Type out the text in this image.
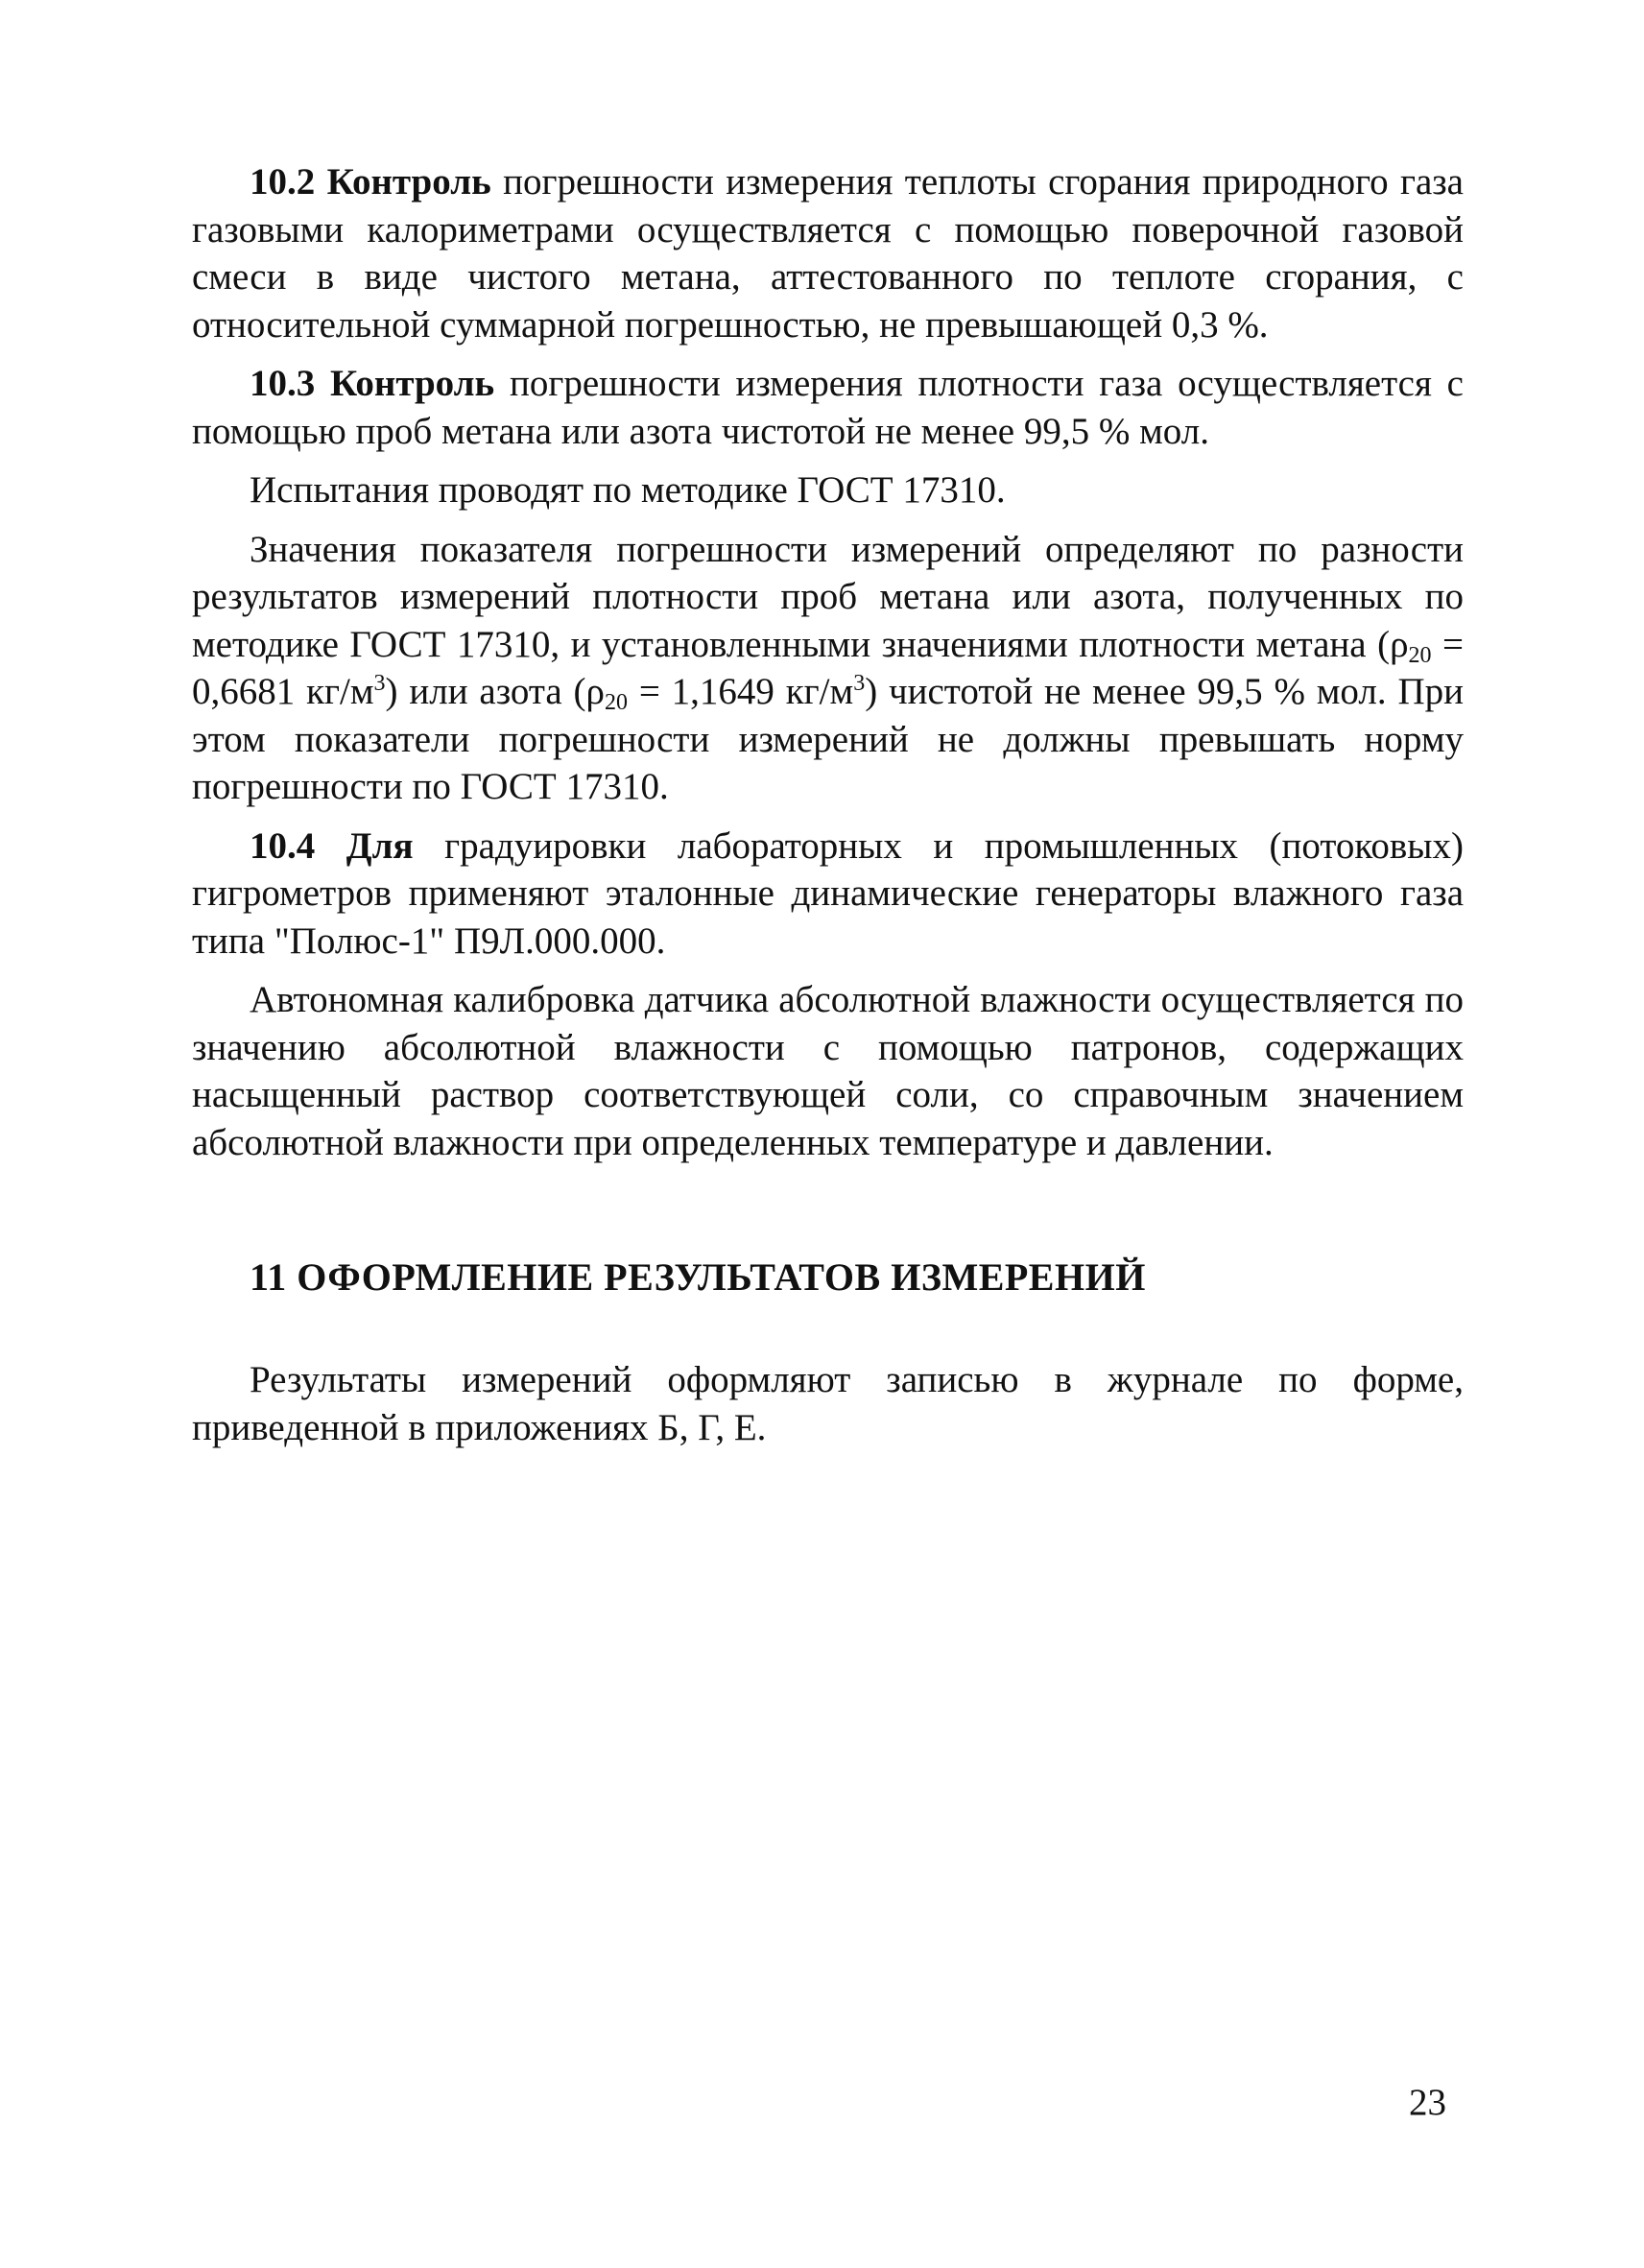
10.2 Контроль погрешности измерения теплоты сгорания природного газа газовыми калориметрами осуществляется с помощью поверочной газовой смеси в виде чистого метана, аттестованного по теплоте сгорания, с относительной суммарной погрешностью, не превышающей 0,3 %.

10.3 Контроль погрешности измерения плотности газа осуществляется с помощью проб метана или азота чистотой не менее 99,5 % мол.

Испытания проводят по методике ГОСТ 17310.

Значения показателя погрешности измерений определяют по разности результатов измерений плотности проб метана или азота, полученных по методике ГОСТ 17310, и установленными значениями плотности метана ($\rho_{20} = 0,6681$ $кг/м^3$) или азота ($\rho_{20} = 1,1649$ $кг/м^3$) чистотой не менее 99,5 % мол. При этом показатели погрешности измерений не должны превышать норму погрешности по ГОСТ 17310.

10.4 Для градуировки лабораторных и промышленных (потоковых) гигрометров применяют эталонные динамические генераторы влажного газа типа "Полюс-1" П9Л.000.000.

Автономная калибровка датчика абсолютной влажности осуществляется по значению абсолютной влажности с помощью патронов, содержащих насыщенный раствор соответствующей соли, со справочным значением абсолютной влажности при определенных температуре и давлении.

11 ОФОРМЛЕНИЕ РЕЗУЛЬТАТОВ ИЗМЕРЕНИЙ

Результаты измерений оформляют записью в журнале по форме, приведенной в приложениях Б, Г, Е.

23
